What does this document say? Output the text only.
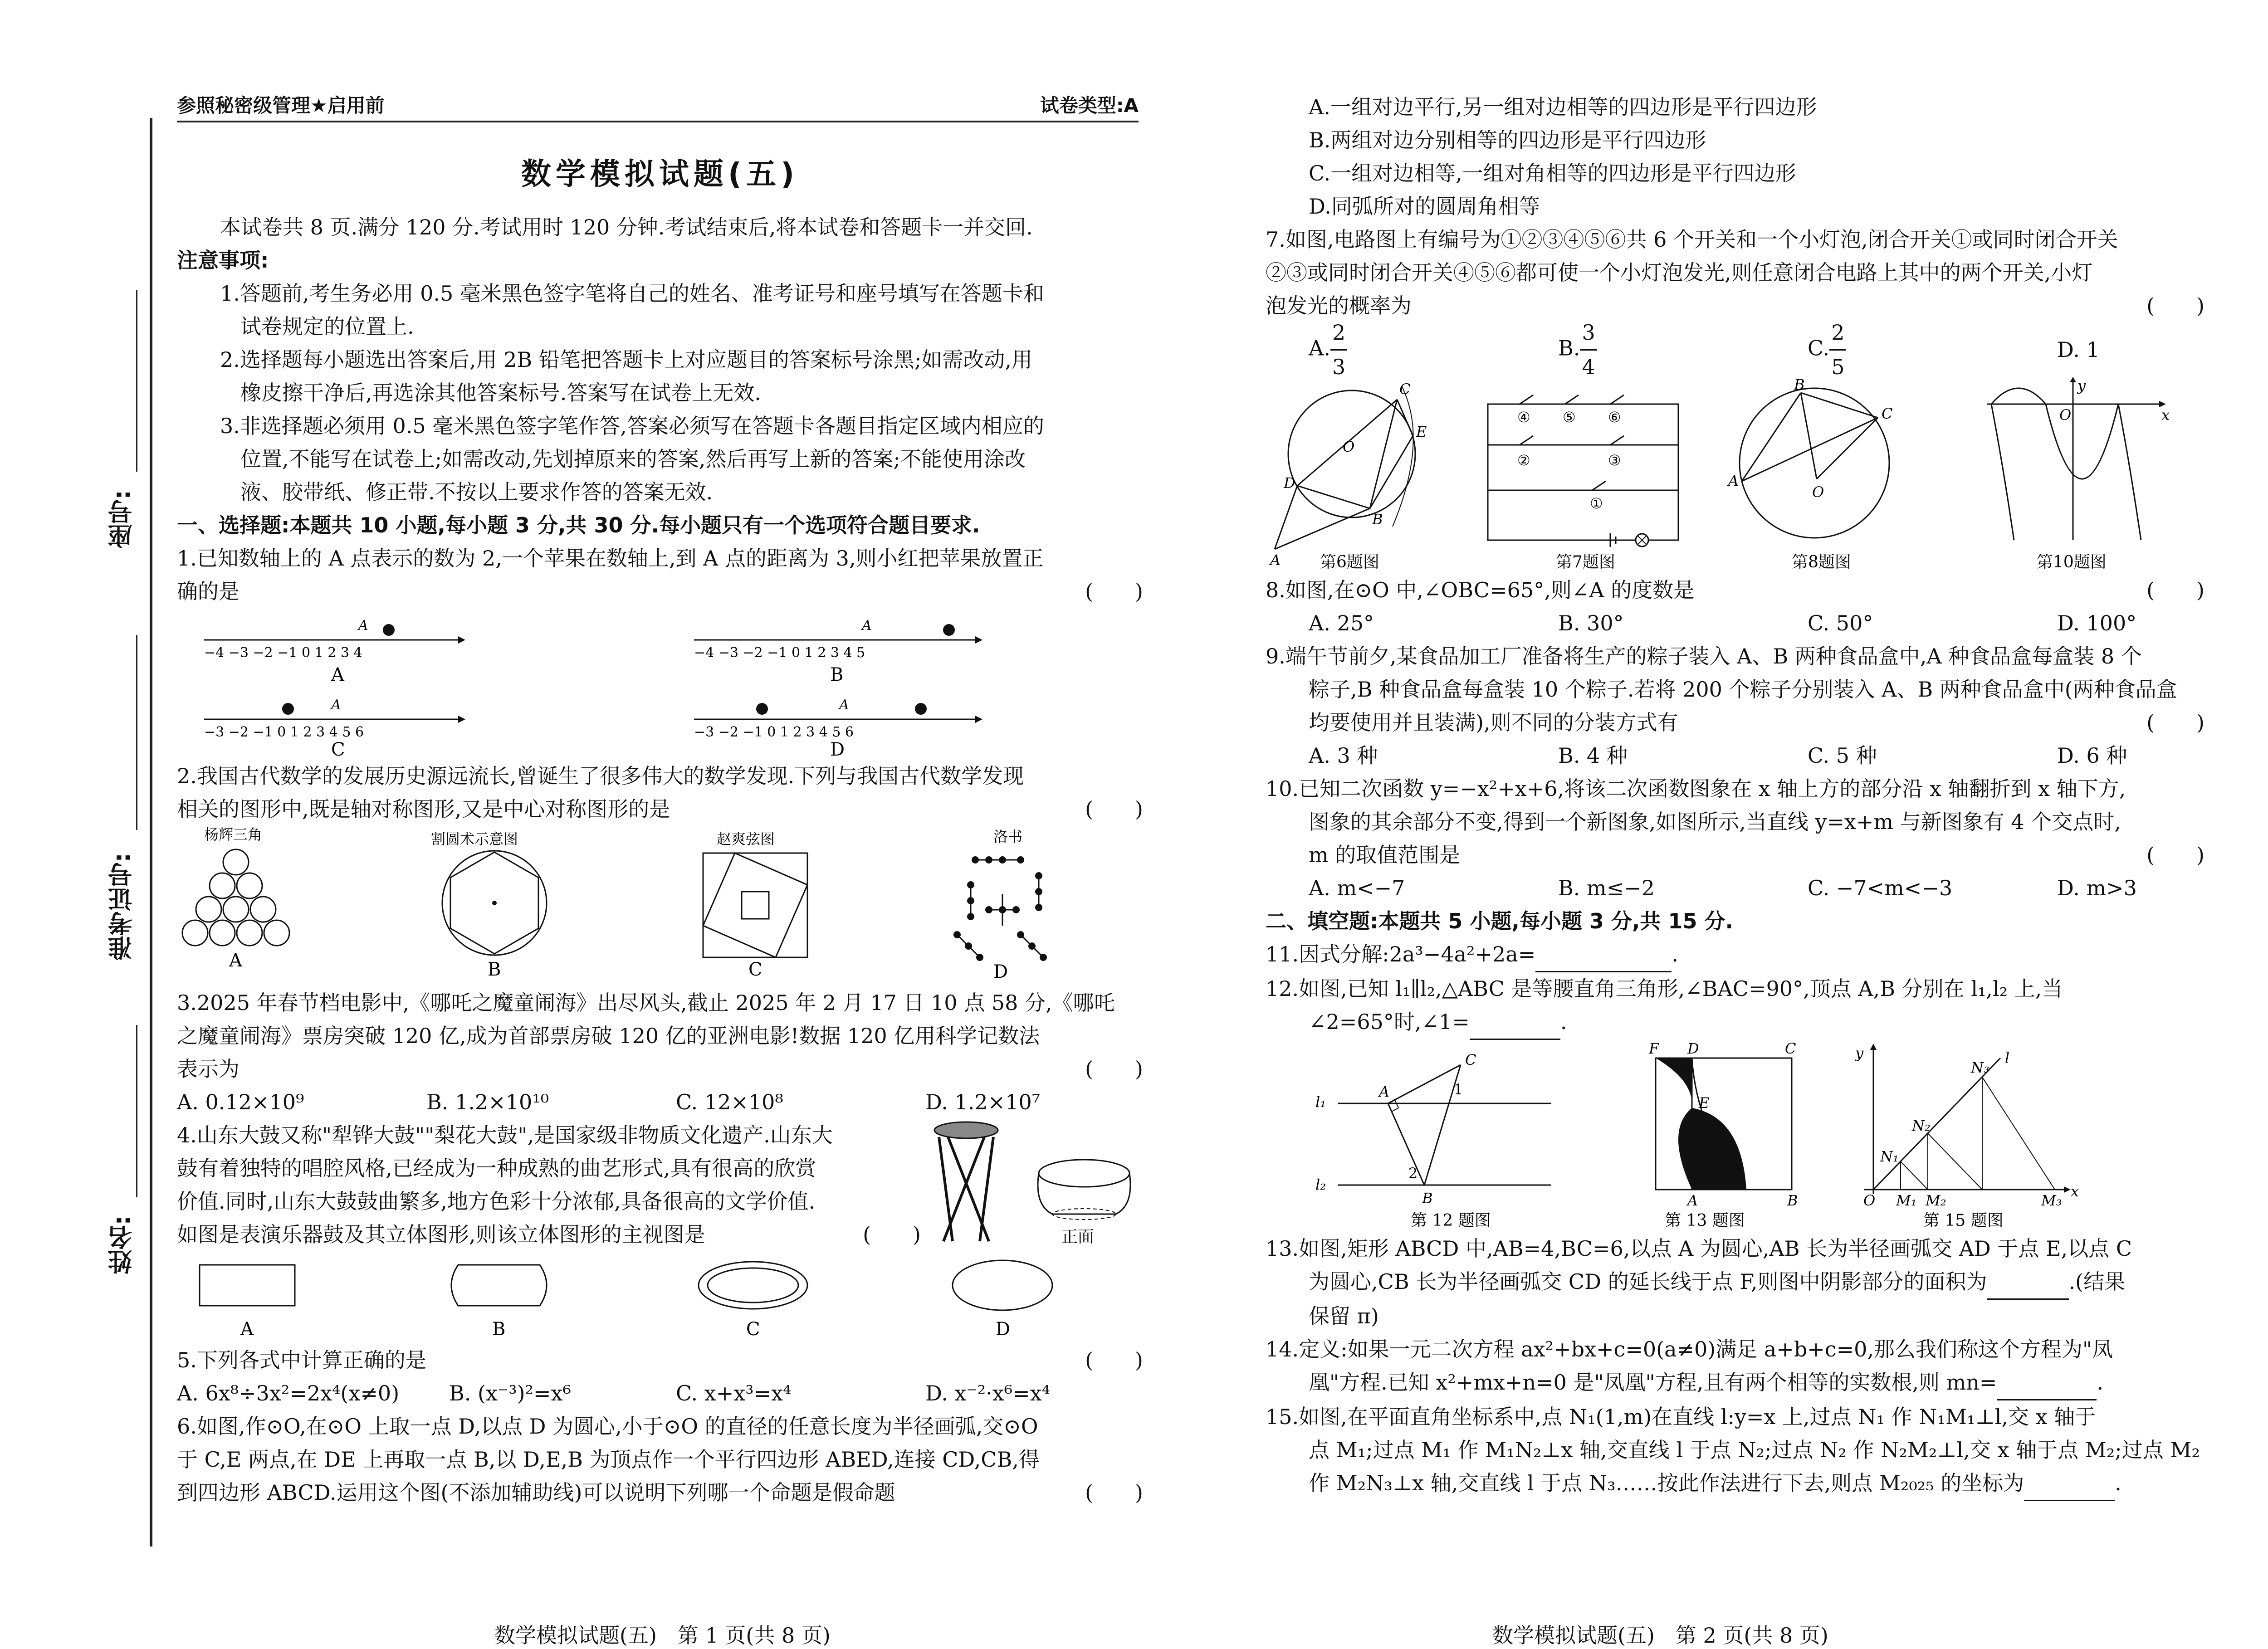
座号:
准考证号:
姓名:
参照秘密级管理★启用前	试卷类型:A
数学模拟试题(五)
本试卷共 8 页.满分 120 分.考试用时 120 分钟.考试结束后,将本试卷和答题卡一并交回.
注意事项:
1.答题前,考生务必用 0.5 毫米黑色签字笔将自己的姓名、准考证号和座号填写在答题卡和
试卷规定的位置上.
2.选择题每小题选出答案后,用 2B 铅笔把答题卡上对应题目的答案标号涂黑;如需改动,用
橡皮擦干净后,再选涂其他答案标号.答案写在试卷上无效.
3.非选择题必须用 0.5 毫米黑色签字笔作答,答案必须写在答题卡各题目指定区域内相应的
位置,不能写在试卷上;如需改动,先划掉原来的答案,然后再写上新的答案;不能使用涂改
液、胶带纸、修正带.不按以上要求作答的答案无效.
一、选择题:本题共 10 小题,每小题 3 分,共 30 分.每小题只有一个选项符合题目要求.
1.已知数轴上的 A 点表示的数为 2,一个苹果在数轴上,到 A 点的距离为 3,则小红把苹果放置正
确的是	(　　)
−4 −3 −2 −1 0 1 2 3 4
A
A
−4 −3 −2 −1 0 1 2 3 4 5
A
B
−3 −2 −1 0 1 2 3 4 5 6
A
C
−3 −2 −1 0 1 2 3 4 5 6
A
D
2.我国古代数学的发展历史源远流长,曾诞生了很多伟大的数学发现.下列与我国古代数学发现
相关的图形中,既是轴对称图形,又是中心对称图形的是	(　　)
杨辉三角
A
割圆术示意图
B
赵爽弦图
C
洛书
D
3.2025 年春节档电影中,《哪吒之魔童闹海》出尽风头,截止 2025 年 2 月 17 日 10 点 58 分,《哪吒
之魔童闹海》票房突破 120 亿,成为首部票房破 120 亿的亚洲电影!数据 120 亿用科学记数法
表示为	(　　)
A. 0.12×10⁹	B. 1.2×10¹⁰	C. 12×10⁸	D. 1.2×10⁷
4.山东大鼓又称"犁铧大鼓""梨花大鼓",是国家级非物质文化遗产.山东大
鼓有着独特的唱腔风格,已经成为一种成熟的曲艺形式,具有很高的欣赏
价值.同时,山东大鼓鼓曲繁多,地方色彩十分浓郁,具备很高的文学价值.
如图是表演乐器鼓及其立体图形,则该立体图形的主视图是	(　　)	正面
A	B	C	D
5.下列各式中计算正确的是	(　　)
A. 6x⁸÷3x²=2x⁴(x≠0)	B. (x⁻³)²=x⁶	C. x+x³=x⁴	D. x⁻²·x⁶=x⁴
6.如图,作⊙O,在⊙O 上取一点 D,以点 D 为圆心,小于⊙O 的直径的任意长度为半径画弧,交⊙O
于 C,E 两点,在 DE 上再取一点 B,以 D,E,B 为顶点作一个平行四边形 ABED,连接 CD,CB,得
到四边形 ABCD.运用这个图(不添加辅助线)可以说明下列哪一个命题是假命题	(　　)
数学模拟试题(五)　第 1 页(共 8 页)
A.一组对边平行,另一组对边相等的四边形是平行四边形
B.两组对边分别相等的四边形是平行四边形
C.一组对边相等,一组对角相等的四边形是平行四边形
D.同弧所对的圆周角相等
7.如图,电路图上有编号为①②③④⑤⑥共 6 个开关和一个小灯泡,闭合开关①或同时闭合开关
②③或同时闭合开关④⑤⑥都可使一个小灯泡发光,则任意闭合电路上其中的两个开关,小灯
泡发光的概率为	(　　)
A. $\frac{2}{3}$	B. $\frac{3}{4}$	C. $\frac{2}{5}$	D. 1
C
E
O
D
B
A
④ ⑤ ⑥
②	③
①
B
C
A
O
y
O	x
第6题图	第7题图	第8题图	第10题图
8.如图,在⊙O 中,∠OBC=65°,则∠A 的度数是	(　　)
A. 25°	B. 30°	C. 50°	D. 100°
9.端午节前夕,某食品加工厂准备将生产的粽子装入 A、B 两种食品盒中,A 种食品盒每盒装 8 个
粽子,B 种食品盒每盒装 10 个粽子.若将 200 个粽子分别装入 A、B 两种食品盒中(两种食品盒
均要使用并且装满),则不同的分装方式有	(　　)
A. 3 种	B. 4 种	C. 5 种	D. 6 种
10.已知二次函数 y=−x²+x+6,将该二次函数图象在 x 轴上方的部分沿 x 轴翻折到 x 轴下方,
图象的其余部分不变,得到一个新图象,如图所示,当直线 y=x+m 与新图象有 4 个交点时,
m 的取值范围是	(　　)
A. m<−7	B. m≤−2	C. −7<m<−3	D. m>3
二、填空题:本题共 5 小题,每小题 3 分,共 15 分.
11.因式分解:2a³−4a²+2a=	.
12.如图,已知 l₁∥l₂,△ABC 是等腰直角三角形,∠BAC=90°,顶点 A,B 分别在 l₁,l₂ 上,当
∠2=65°时,∠1=	.
l₁
l₂
A
C
1
2
B
F D	C
E
A	B
y	l
N₃
N₂
N₁
O M₁ M₂	M₃
x
第 12 题图	第 13 题图	第 15 题图
13.如图,矩形 ABCD 中,AB=4,BC=6,以点 A 为圆心,AB 长为半径画弧交 AD 于点 E,以点 C
为圆心,CB 长为半径画弧交 CD 的延长线于点 F,则图中阴影部分的面积为	.(结果
保留 π)
14.定义:如果一元二次方程 ax²+bx+c=0(a≠0)满足 a+b+c=0,那么我们称这个方程为"凤
凰"方程.已知 x²+mx+n=0 是"凤凰"方程,且有两个相等的实数根,则 mn=	.
15.如图,在平面直角坐标系中,点 N₁(1,m)在直线 l:y=x 上,过点 N₁ 作 N₁M₁⊥l,交 x 轴于
点 M₁;过点 M₁ 作 M₁N₂⊥x 轴,交直线 l 于点 N₂;过点 N₂ 作 N₂M₂⊥l,交 x 轴于点 M₂;过点 M₂
作 M₂N₃⊥x 轴,交直线 l 于点 N₃……按此作法进行下去,则点 M₂₀₂₅ 的坐标为	.
数学模拟试题(五)　第 2 页(共 8 页)
